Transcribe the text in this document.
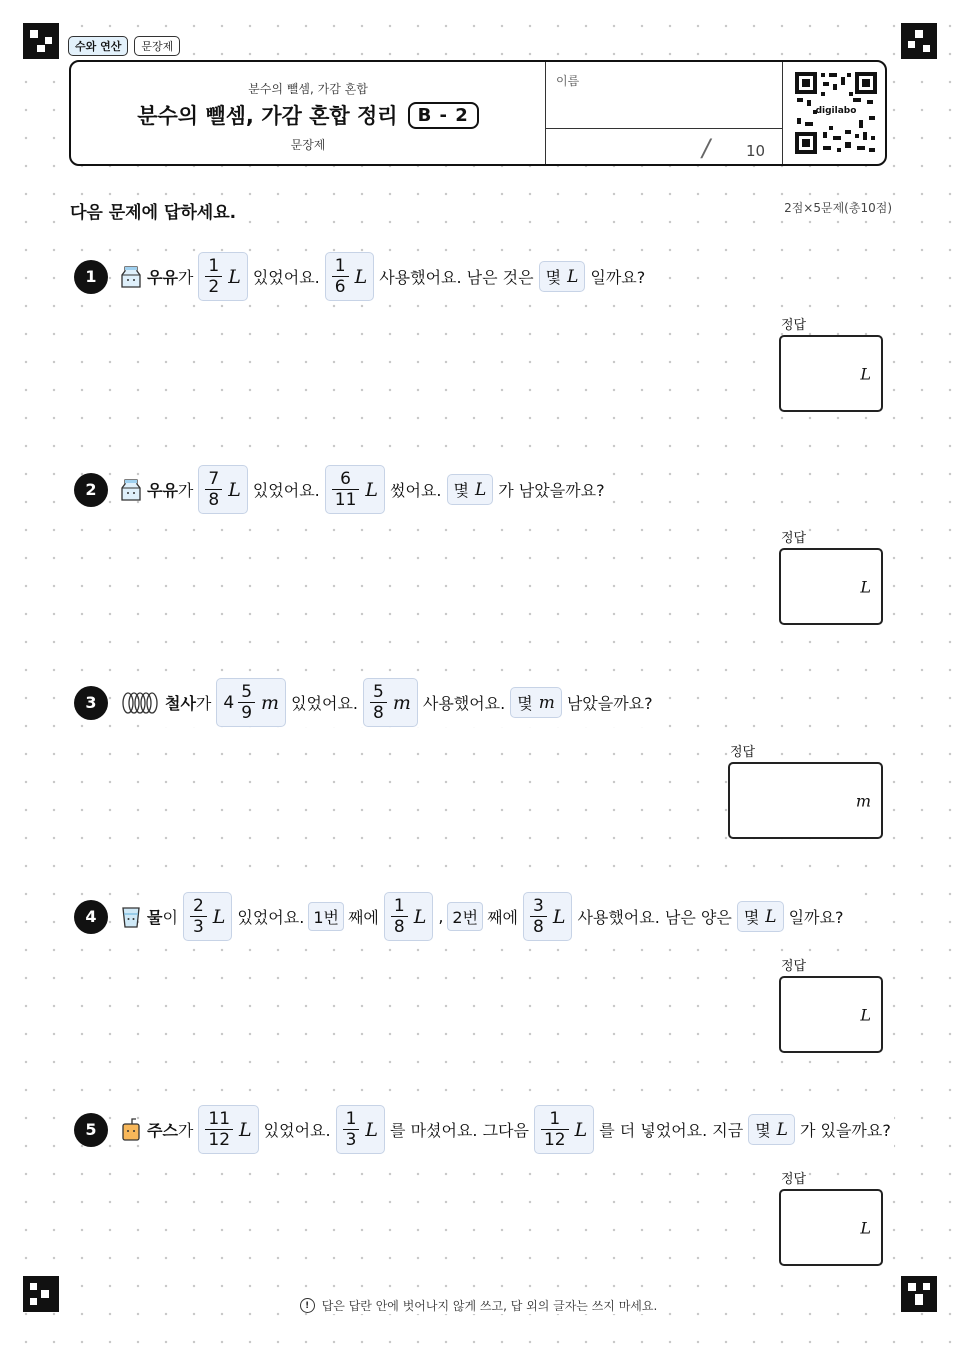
수와 연산	문장제
분수의 뺄셈, 가감 혼합
분수의 뺄셈, 가감 혼합 정리	B - 2
문장제
이름
/ 10
digilabo
다음 문제에 답하세요.	2점×5문제(총10점)
1	우유 가 $\frac{1}{2}$ L 있었어요. $\frac{1}{6}$ L 사용했어요. 남은 것은 몇 L 일까요?
정답
L
2	우유 가 $\frac{7}{8}$ L 있었어요. $\frac{6}{11}$ L 썼어요. 몇 L 가 남았을까요?
정답
L
3	철사 가 $4 \frac{5}{9}$ m 있었어요. $\frac{5}{8}$ m 사용했어요. 몇 m 남았을까요?
정답
m
4	물 이 $\frac{2}{3}$ L 있었어요. 1번 째에 $\frac{1}{8}$ L , 2번 째에 $\frac{3}{8}$ L 사용했어요. 남은 양은 몇 L 일까요?
정답
L
5	주스 가 $\frac{11}{12}$ L 있었어요. $\frac{1}{3}$ L 를 마셨어요. 그다음 $\frac{1}{12}$ L 를 더 넣었어요. 지금 몇 L 가 있을까요?
정답
L
!	답은 답란 안에 벗어나지 않게 쓰고, 답 외의 글자는 쓰지 마세요.
